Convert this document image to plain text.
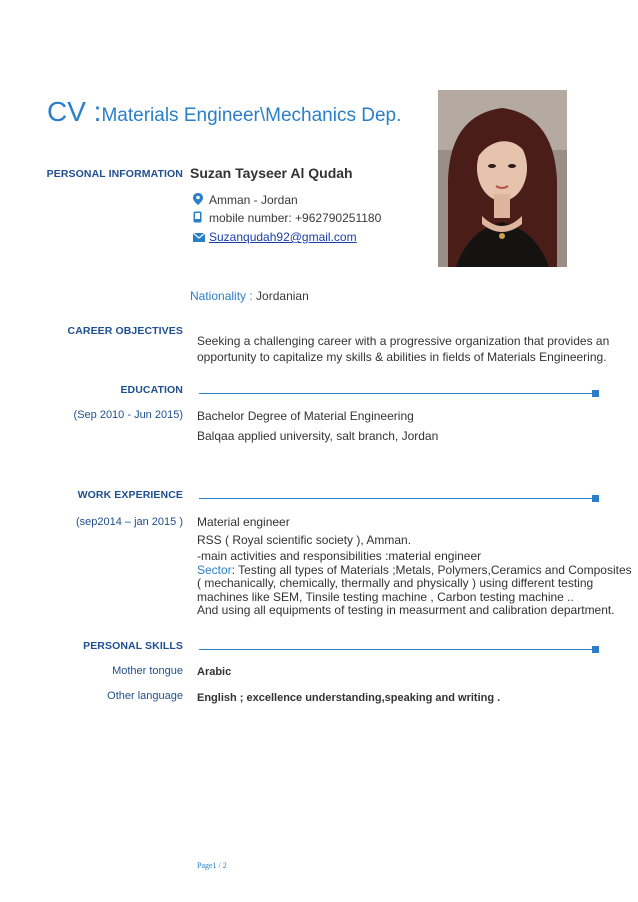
CV :Materials Engineer\Mechanics Dep.
PERSONAL INFORMATION Suzan Tayseer Al Qudah
Amman - Jordan
mobile number: +962790251180
Suzanqudah92@gmail.com
Nationality : Jordanian
CAREER OBJECTIVES
Seeking a challenging career with a progressive organization that provides an
opportunity to capitalize my skills & abilities in fields of Materials Engineering.
EDUCATION
(Sep 2010 - Jun 2015) Bachelor Degree of Material Engineering
Balqaa applied university, salt branch, Jordan
WORK EXPERIENCE
(sep2014 – jan 2015 ) Material engineer
RSS ( Royal scientific society ), Amman.
-main activities and responsibilities :material engineer
Sector: Testing all types of Materials ;Metals, Polymers,Ceramics and Composites
( mechanically, chemically, thermally and physically ) using different testing
machines like SEM, Tinsile testing machine , Carbon testing machine ..
And using all equipments of testing in measurment and calibration department.
PERSONAL SKILLS
Mother tongue Arabic
Other language English ; excellence understanding,speaking and writing .
Page1 / 2
